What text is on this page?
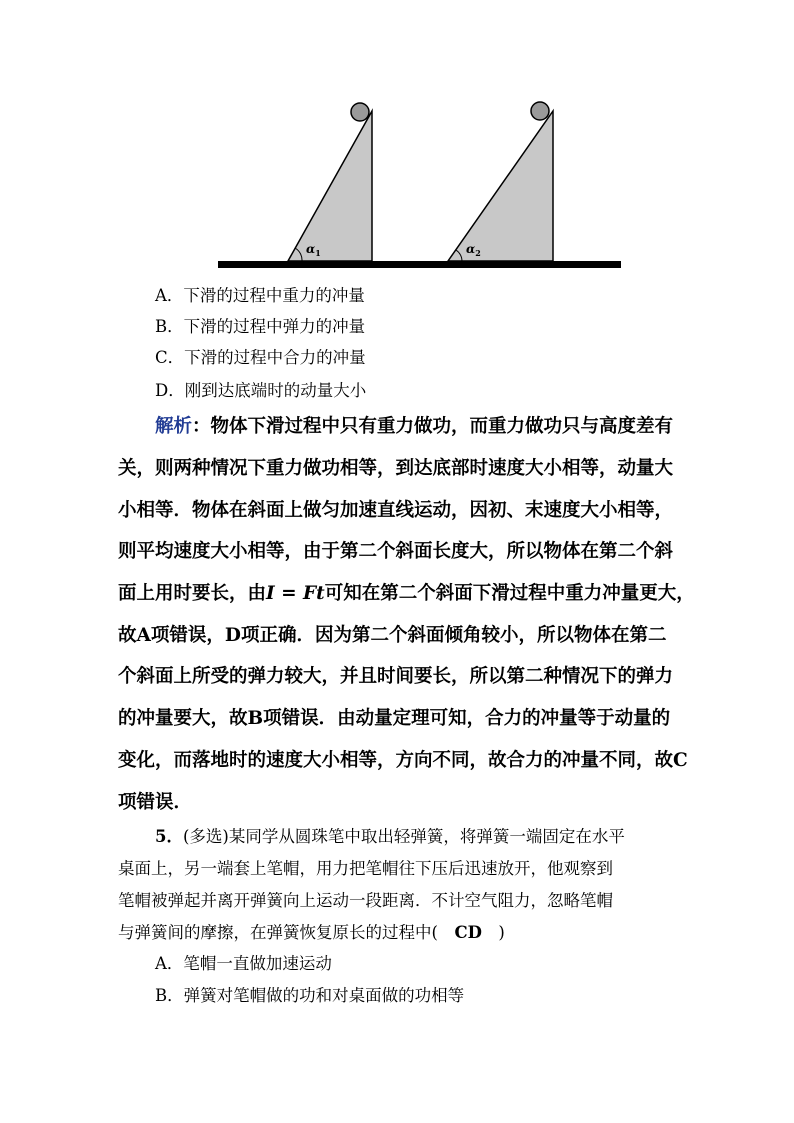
$\alpha_1$	$\alpha_2$
A．下滑的过程中重力的冲量
B．下滑的过程中弹力的冲量
C．下滑的过程中合力的冲量
D．刚到达底端时的动量大小
解析：物体下滑过程中只有重力做功，而重力做功只与高度差有
关，则两种情况下重力做功相等，到达底部时速度大小相等，动量大
小相等．物体在斜面上做匀加速直线运动，因初、末速度大小相等，
则平均速度大小相等，由于第二个斜面长度大，所以物体在第二个斜
面上用时要长，由I = Ft可知在第二个斜面下滑过程中重力冲量更大，
故A项错误，D项正确．因为第二个斜面倾角较小，所以物体在第二
个斜面上所受的弹力较大，并且时间要长，所以第二种情况下的弹力
的冲量要大，故B项错误．由动量定理可知，合力的冲量等于动量的
变化，而落地时的速度大小相等，方向不同，故合力的冲量不同，故C
项错误．
5．(多选)某同学从圆珠笔中取出轻弹簧，将弹簧一端固定在水平
桌面上，另一端套上笔帽，用力把笔帽往下压后迅速放开，他观察到
笔帽被弹起并离开弹簧向上运动一段距离．不计空气阻力，忽略笔帽
与弹簧间的摩擦，在弹簧恢复原长的过程中(　CD　)
A．笔帽一直做加速运动
B．弹簧对笔帽做的功和对桌面做的功相等
